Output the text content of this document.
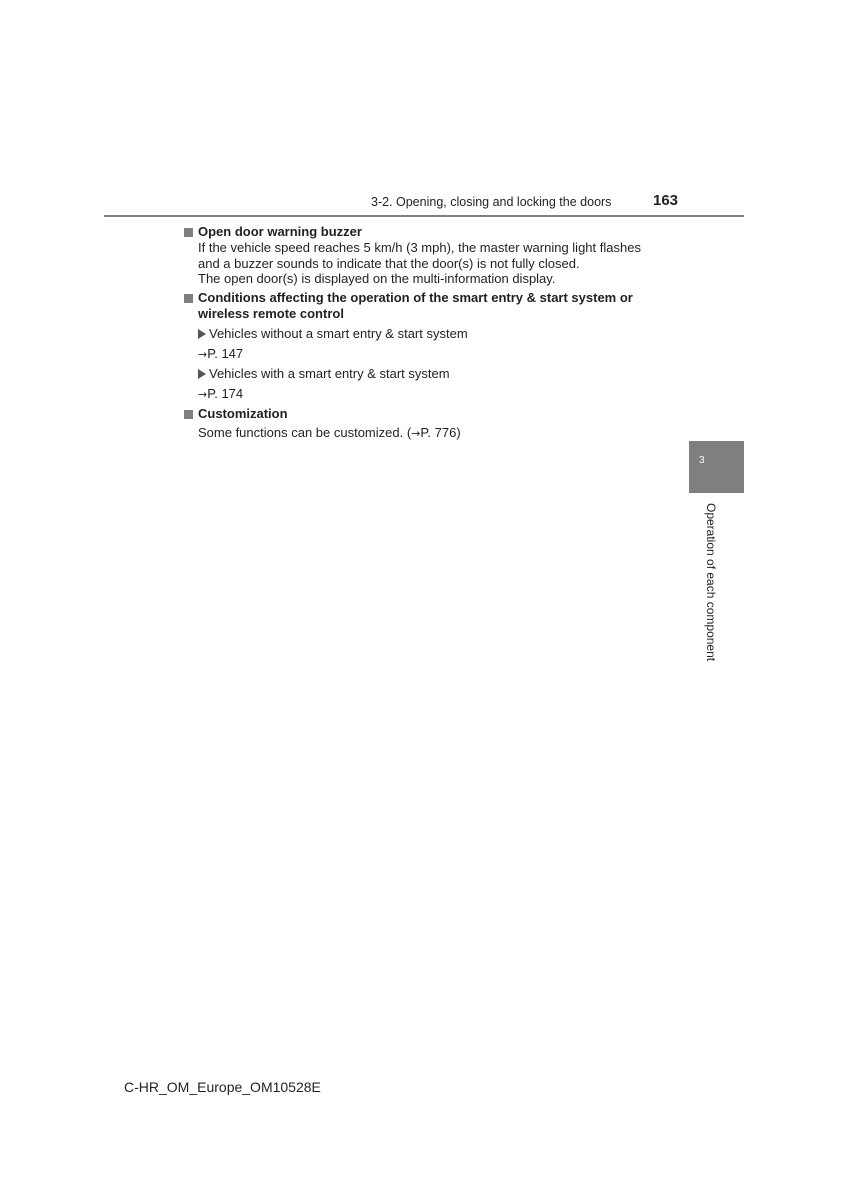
3-2. Opening, closing and locking the doors	163
Open door warning buzzer
If the vehicle speed reaches 5 km/h (3 mph), the master warning light flashes
and a buzzer sounds to indicate that the door(s) is not fully closed.
The open door(s) is displayed on the multi-information display.
Conditions affecting the operation of the smart entry & start system or
wireless remote control
Vehicles without a smart entry & start system
→P. 147
Vehicles with a smart entry & start system
→P. 174
Customization
Some functions can be customized. (→P. 776)
3
Operation of each component
C-HR_OM_Europe_OM10528E
